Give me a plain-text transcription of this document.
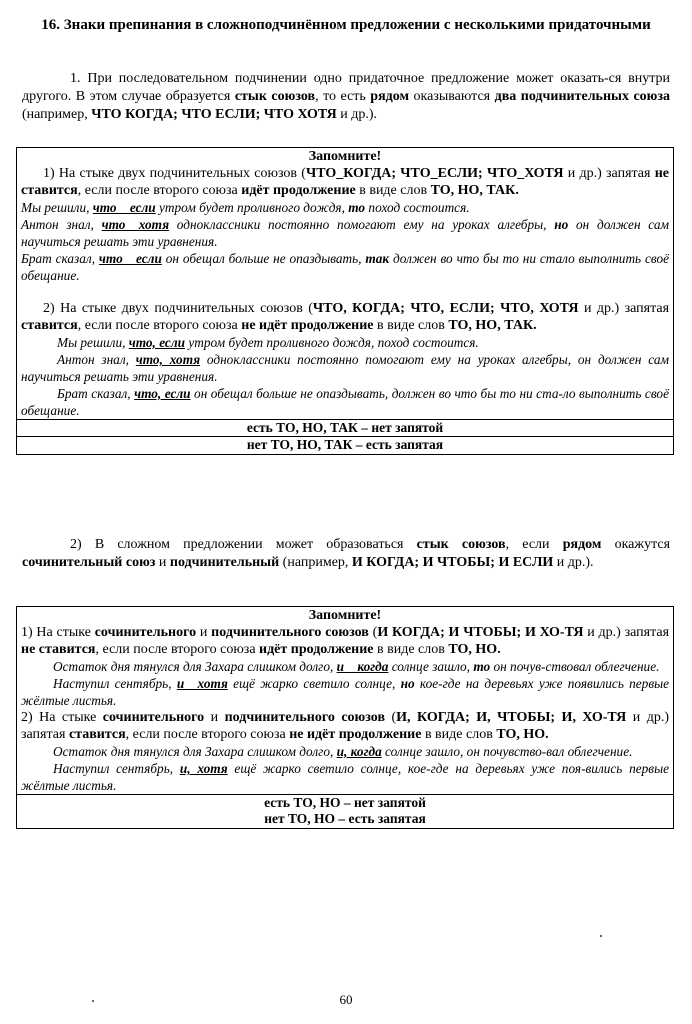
16. Знаки препинания в сложноподчинённом предложении с несколькими придаточными
1. При последовательном подчинении одно придаточное предложение может оказать-ся внутри другого. В этом случае образуется стык союзов, то есть рядом оказываются два подчинительных союза (например, ЧТО КОГДА; ЧТО ЕСЛИ; ЧТО ХОТЯ и др.).
Запомните!
1) На стыке двух подчинительных союзов (ЧТО_КОГДА; ЧТО_ЕСЛИ; ЧТО_ХОТЯ и др.) запятая не ставится, если после второго союза идёт продолжение в виде слов ТО, НО, ТАК.
Мы решили, что__если утром будет проливного дождя, то поход состоится.
Антон знал, что__хотя одноклассники постоянно помогают ему на уроках алгебры, но он должен сам научиться решать эти уравнения.
Брат сказал, что__если он обещал больше не опаздывать, так должен во что бы то ни стало выполнить своё обещание.
2) На стыке двух подчинительных союзов (ЧТО, КОГДА; ЧТО, ЕСЛИ; ЧТО, ХОТЯ и др.) запятая ставится, если после второго союза не идёт продолжение в виде слов ТО, НО, ТАК.
Мы решили, что, если утром будет проливного дождя, поход состоится.
Антон знал, что, хотя одноклассники постоянно помогают ему на уроках алгебры, он должен сам научиться решать эти уравнения.
Брат сказал, что, если он обещал больше не опаздывать, должен во что бы то ни ста-ло выполнить своё обещание.
есть ТО, НО, ТАК – нет запятой
нет ТО, НО, ТАК – есть запятая
2) В сложном предложении может образоваться стык союзов, если рядом окажутся сочинительный союз и подчинительный (например, И КОГДА; И ЧТОБЫ; И ЕСЛИ и др.).
Запомните!
1) На стыке сочинительного и подчинительного союзов (И КОГДА; И ЧТОБЫ; И ХО-ТЯ и др.) запятая не ставится, если после второго союза идёт продолжение в виде слов ТО, НО.
Остаток дня тянулся для Захара слишком долго, и__когда солнце зашло, то он почув-ствовал облегчение.
Наступил сентябрь, и__хотя ещё жарко светило солнце, но кое-где на деревьях уже появились первые жёлтые листья.
2) На стыке сочинительного и подчинительного союзов (И, КОГДА; И, ЧТОБЫ; И, ХО-ТЯ и др.) запятая ставится, если после второго союза не идёт продолжение в виде слов ТО, НО.
Остаток дня тянулся для Захара слишком долго, и, когда солнце зашло, он почувство-вал облегчение.
Наступил сентябрь, и, хотя ещё жарко светило солнце, кое-где на деревьях уже поя-вились первые жёлтые листья.
есть ТО, НО – нет запятой
нет ТО, НО – есть запятая
60
